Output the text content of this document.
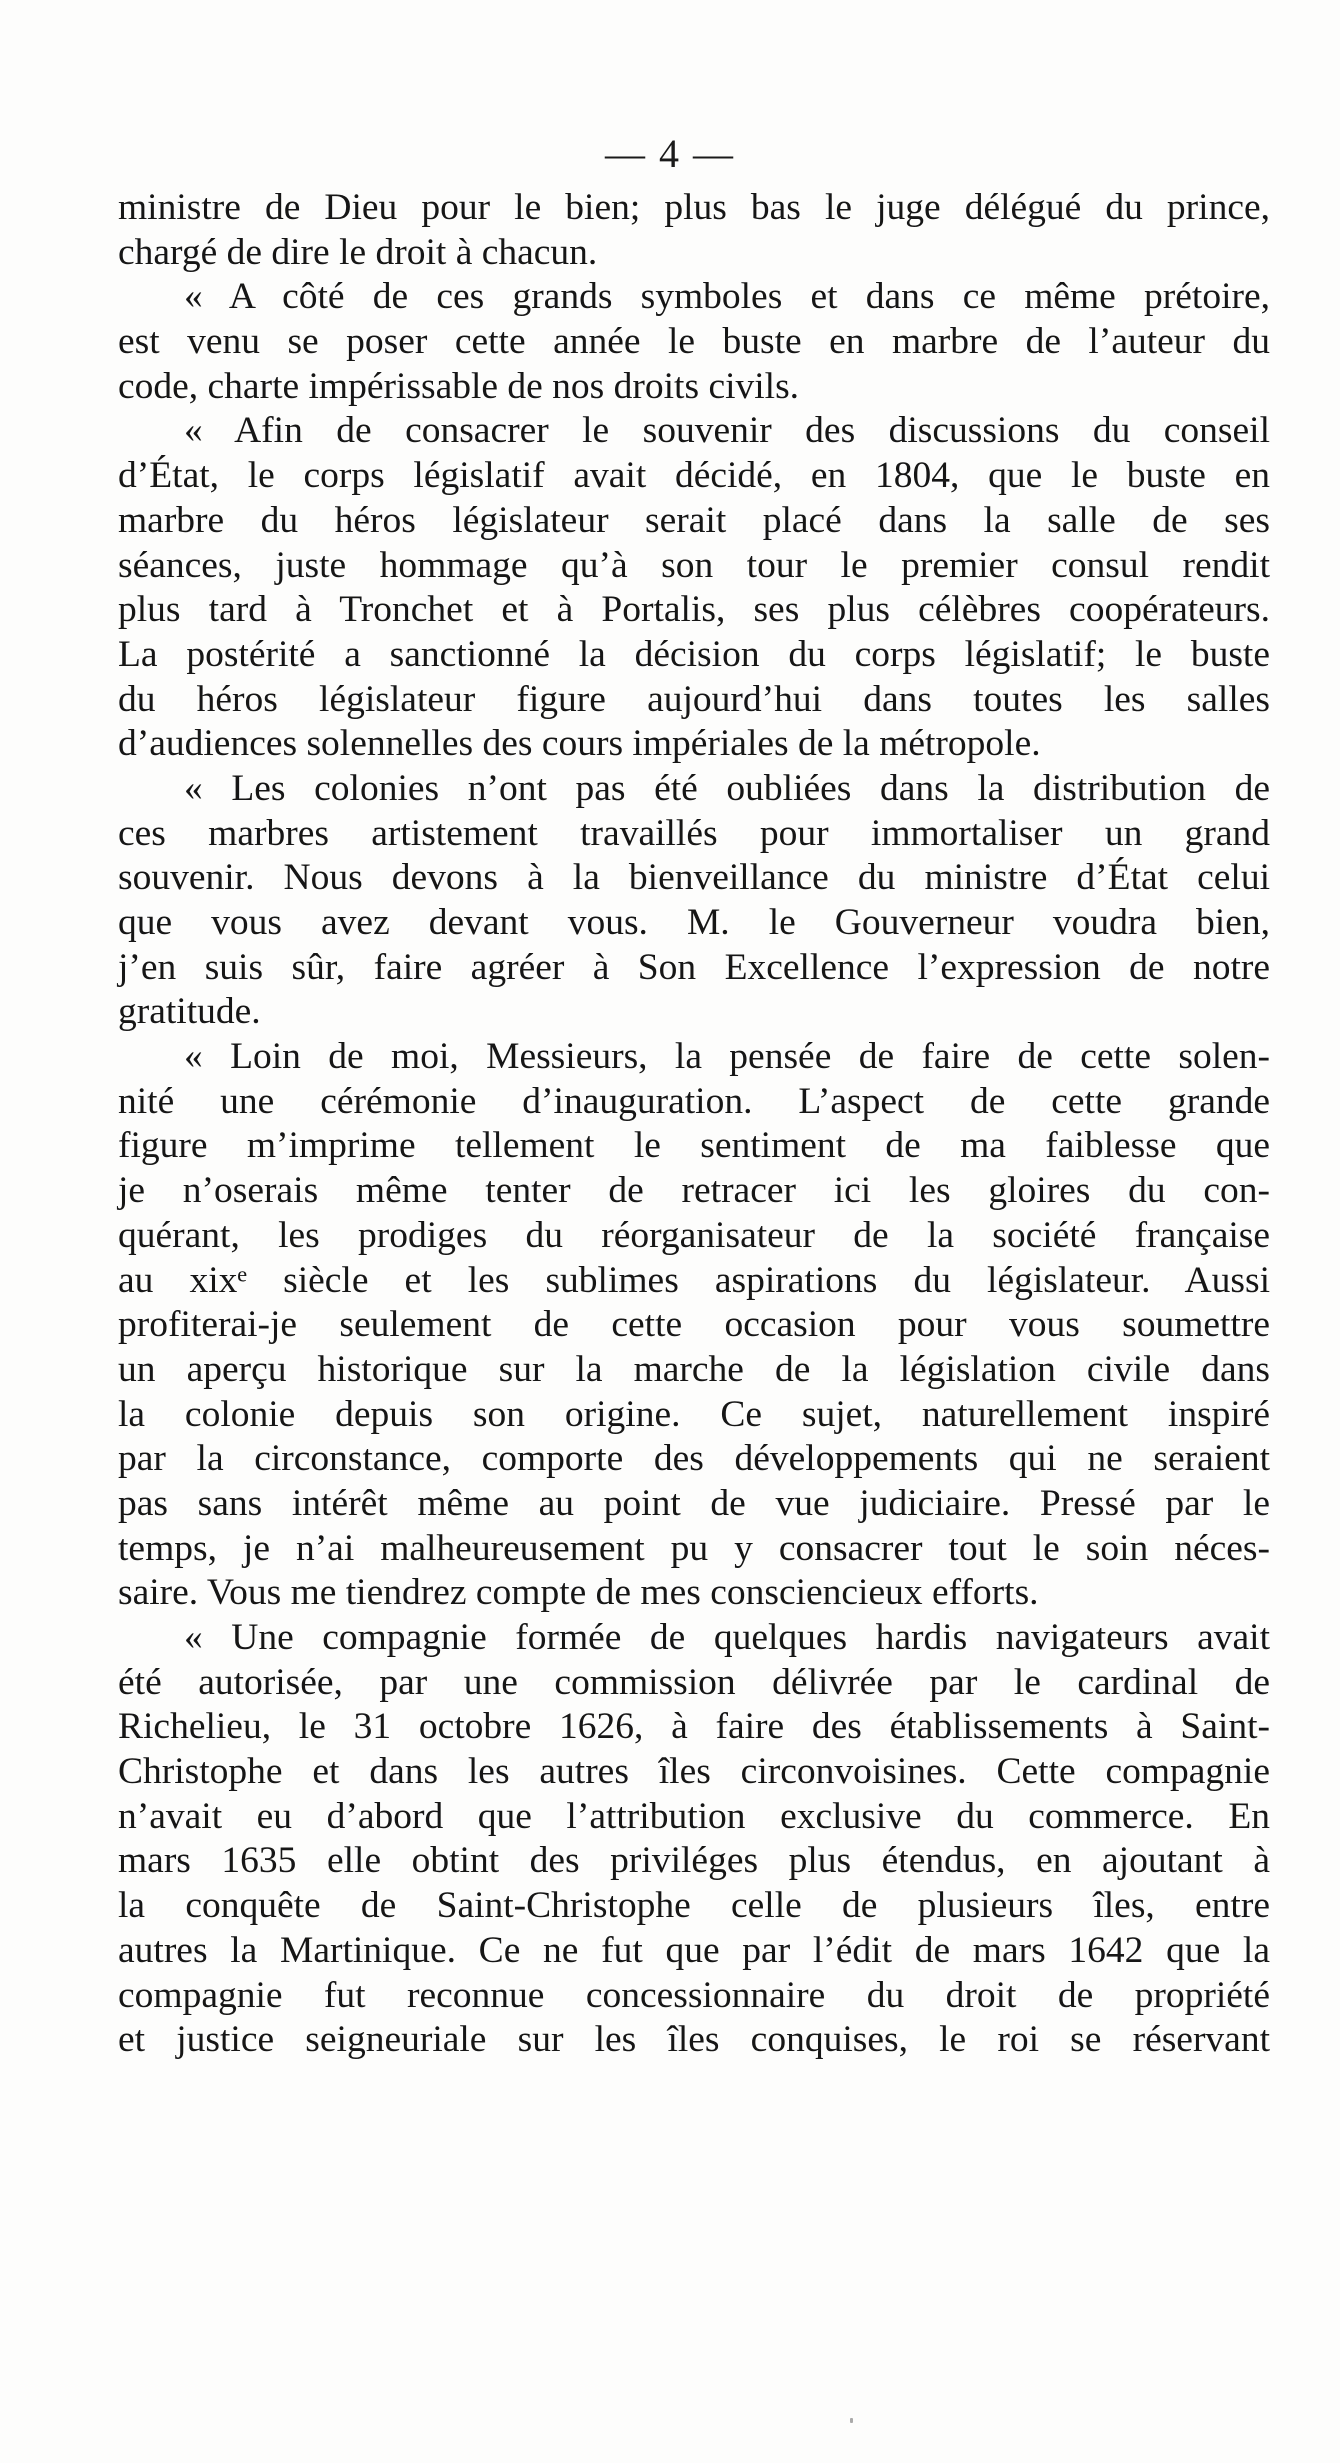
— 4 —
ministre de Dieu pour le bien; plus bas le juge délégué du prince,
chargé de dire le droit à chacun.
« A côté de ces grands symboles et dans ce même prétoire,
est venu se poser cette année le buste en marbre de l’auteur du
code, charte impérissable de nos droits civils.
« Afin de consacrer le souvenir des discussions du conseil
d’État, le corps législatif avait décidé, en 1804, que le buste en
marbre du héros législateur serait placé dans la salle de ses
séances, juste hommage qu’à son tour le premier consul rendit
plus tard à Tronchet et à Portalis, ses plus célèbres coopérateurs.
La postérité a sanctionné la décision du corps législatif; le buste
du héros législateur figure aujourd’hui dans toutes les salles
d’audiences solennelles des cours impériales de la métropole.
« Les colonies n’ont pas été oubliées dans la distribution de
ces marbres artistement travaillés pour immortaliser un grand
souvenir. Nous devons à la bienveillance du ministre d’État celui
que vous avez devant vous. M. le Gouverneur voudra bien,
j’en suis sûr, faire agréer à Son Excellence l’expression de notre
gratitude.
« Loin de moi, Messieurs, la pensée de faire de cette solen-
nité une cérémonie d’inauguration. L’aspect de cette grande
figure m’imprime tellement le sentiment de ma faiblesse que
je n’oserais même tenter de retracer ici les gloires du con-
quérant, les prodiges du réorganisateur de la société française
au xixᵉ siècle et les sublimes aspirations du législateur. Aussi
profiterai-je seulement de cette occasion pour vous soumettre
un aperçu historique sur la marche de la législation civile dans
la colonie depuis son origine. Ce sujet, naturellement inspiré
par la circonstance, comporte des développements qui ne seraient
pas sans intérêt même au point de vue judiciaire. Pressé par le
temps, je n’ai malheureusement pu y consacrer tout le soin néces-
saire. Vous me tiendrez compte de mes consciencieux efforts.
« Une compagnie formée de quelques hardis navigateurs avait
été autorisée, par une commission délivrée par le cardinal de
Richelieu, le 31 octobre 1626, à faire des établissements à Saint-
Christophe et dans les autres îles circonvoisines. Cette compagnie
n’avait eu d’abord que l’attribution exclusive du commerce. En
mars 1635 elle obtint des priviléges plus étendus, en ajoutant à
la conquête de Saint-Christophe celle de plusieurs îles, entre
autres la Martinique. Ce ne fut que par l’édit de mars 1642 que la
compagnie fut reconnue concessionnaire du droit de propriété
et justice seigneuriale sur les îles conquises, le roi se réservant
